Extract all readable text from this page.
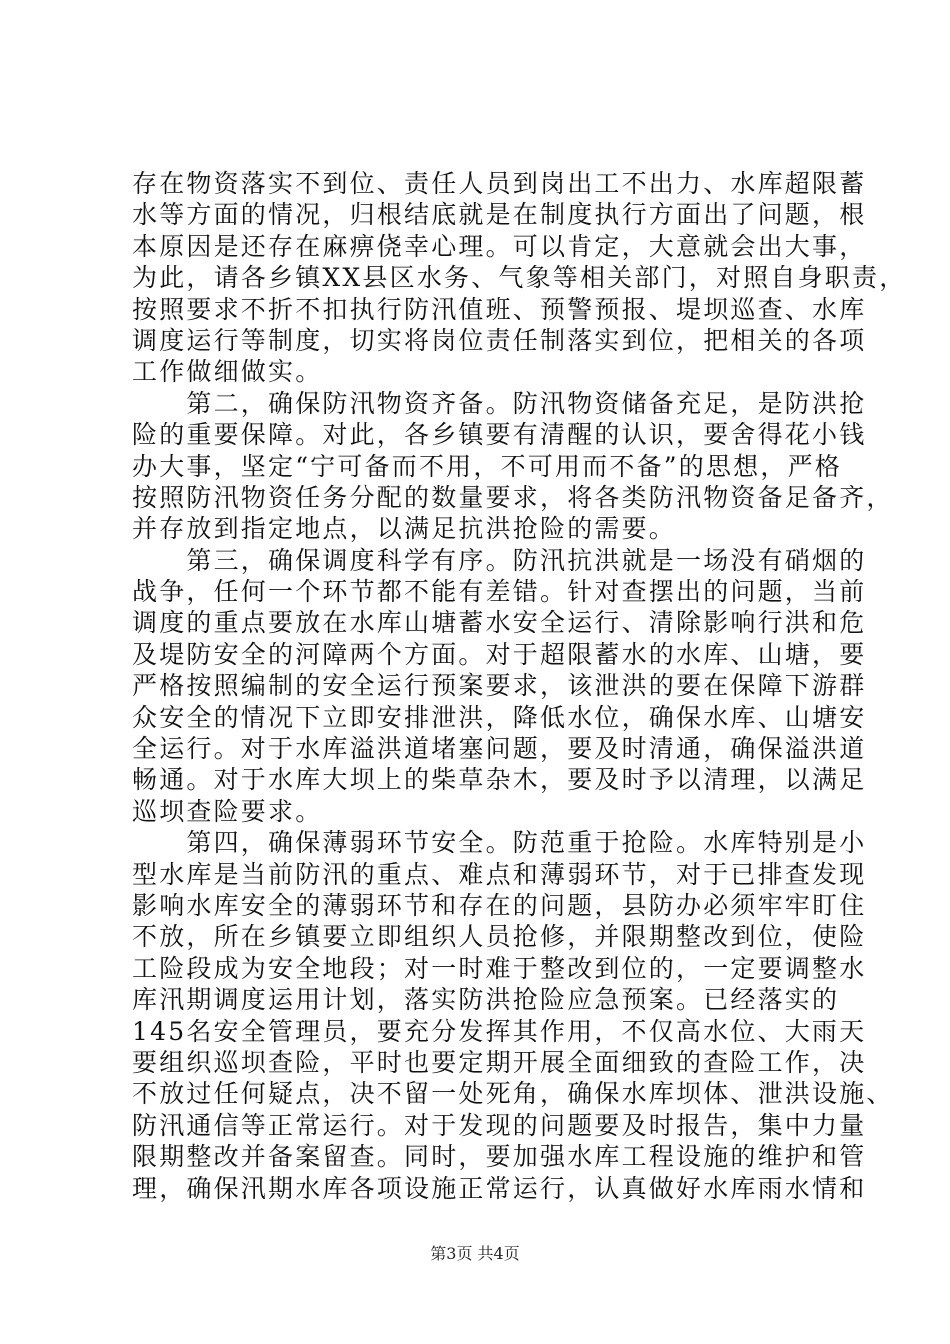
存在物资落实不到位、责任人员到岗出工不出力、水库超限蓄
水等方面的情况，归根结底就是在制度执行方面出了问题，根
本原因是还存在麻痹侥幸心理。可以肯定，大意就会出大事，
为此，请各乡镇XX县区水务、气象等相关部门，对照自身职责，
按照要求不折不扣执行防汛值班、预警预报、堤坝巡查、水库
调度运行等制度，切实将岗位责任制落实到位，把相关的各项
工作做细做实。
　　第二，确保防汛物资齐备。防汛物资储备充足，是防洪抢
险的重要保障。对此，各乡镇要有清醒的认识，要舍得花小钱
办大事，坚定“宁可备而不用，不可用而不备”的思想，严格
按照防汛物资任务分配的数量要求，将各类防汛物资备足备齐，
并存放到指定地点，以满足抗洪抢险的需要。
　　第三，确保调度科学有序。防汛抗洪就是一场没有硝烟的
战争，任何一个环节都不能有差错。针对查摆出的问题，当前
调度的重点要放在水库山塘蓄水安全运行、清除影响行洪和危
及堤防安全的河障两个方面。对于超限蓄水的水库、山塘，要
严格按照编制的安全运行预案要求，该泄洪的要在保障下游群
众安全的情况下立即安排泄洪，降低水位，确保水库、山塘安
全运行。对于水库溢洪道堵塞问题，要及时清通，确保溢洪道
畅通。对于水库大坝上的柴草杂木，要及时予以清理，以满足
巡坝查险要求。
　　第四，确保薄弱环节安全。防范重于抢险。水库特别是小
型水库是当前防汛的重点、难点和薄弱环节，对于已排查发现
影响水库安全的薄弱环节和存在的问题，县防办必须牢牢盯住
不放，所在乡镇要立即组织人员抢修，并限期整改到位，使险
工险段成为安全地段；对一时难于整改到位的，一定要调整水
库汛期调度运用计划，落实防洪抢险应急预案。已经落实的
145名安全管理员，要充分发挥其作用，不仅高水位、大雨天
要组织巡坝查险，平时也要定期开展全面细致的查险工作，决
不放过任何疑点，决不留一处死角，确保水库坝体、泄洪设施、
防汛通信等正常运行。对于发现的问题要及时报告，集中力量
限期整改并备案留查。同时，要加强水库工程设施的维护和管
理，确保汛期水库各项设施正常运行，认真做好水库雨水情和
第3页 共4页
